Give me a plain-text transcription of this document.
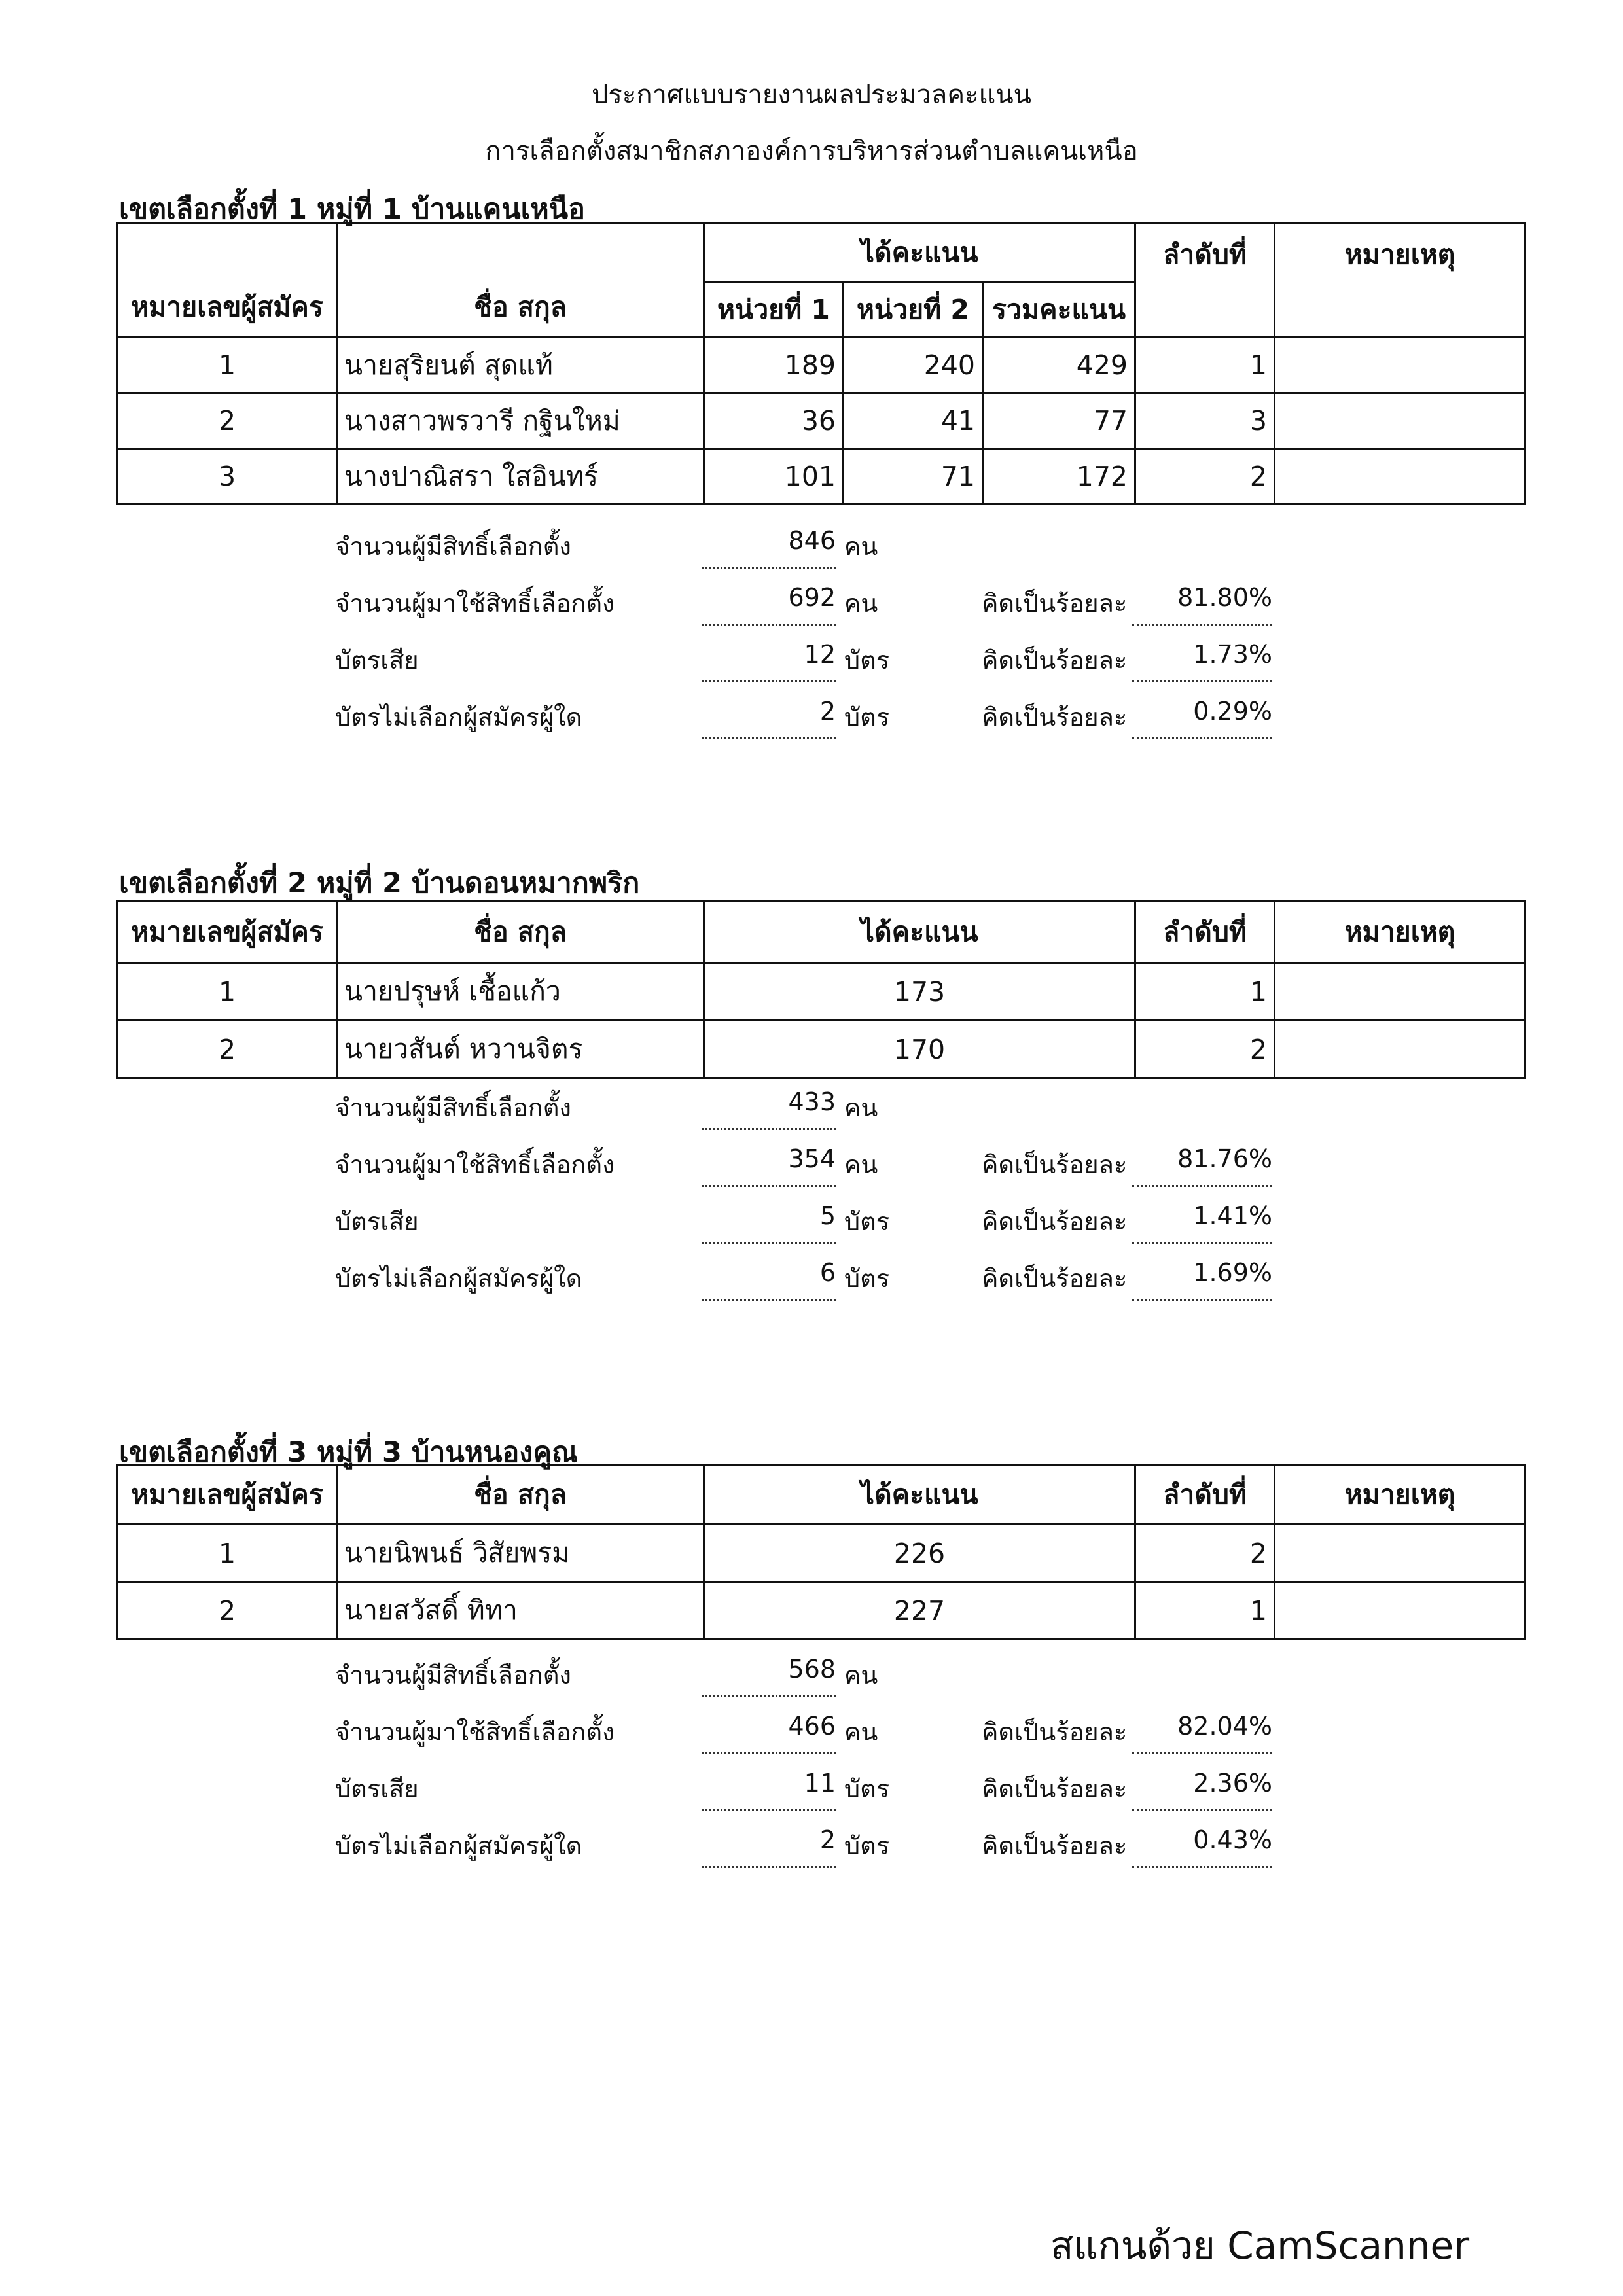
ประกาศแบบรายงานผลประมวลคะแนน
การเลือกตั้งสมาชิกสภาองค์การบริหารส่วนตำบลแคนเหนือ
เขตเลือกตั้งที่ 1 หมู่ที่ 1 บ้านแคนเหนือ
หมายเลขผู้สมัคร	ชื่อ สกุล	ได้คะแนน			ลำดับที่	หมายเหตุ
		หน่วยที่ 1	หน่วยที่ 2	รวมคะแนน		
1	นายสุริยนต์ สุดแท้	189	240	429	1	
2	นางสาวพรวารี กฐินใหม่	36	41	77	3	
3	นางปาณิสรา ใสอินทร์	101	71	172	2	
จำนวนผู้มีสิทธิ์เลือกตั้ง	846 คน
จำนวนผู้มาใช้สิทธิ์เลือกตั้ง	692 คน	คิดเป็นร้อยละ	81.80%
บัตรเสีย	12 บัตร	คิดเป็นร้อยละ	1.73%
บัตรไม่เลือกผู้สมัครผู้ใด	2 บัตร	คิดเป็นร้อยละ	0.29%
เขตเลือกตั้งที่ 2 หมู่ที่ 2 บ้านดอนหมากพริก
หมายเลขผู้สมัคร	ชื่อ สกุล	ได้คะแนน	ลำดับที่	หมายเหตุ
1	นายปรุษห์ เชื้อแก้ว	173	1	
2	นายวสันต์ หวานจิตร	170	2	
จำนวนผู้มีสิทธิ์เลือกตั้ง	433 คน
จำนวนผู้มาใช้สิทธิ์เลือกตั้ง	354 คน	คิดเป็นร้อยละ	81.76%
บัตรเสีย	5 บัตร	คิดเป็นร้อยละ	1.41%
บัตรไม่เลือกผู้สมัครผู้ใด	6 บัตร	คิดเป็นร้อยละ	1.69%
เขตเลือกตั้งที่ 3 หมู่ที่ 3 บ้านหนองคูณ
หมายเลขผู้สมัคร	ชื่อ สกุล	ได้คะแนน	ลำดับที่	หมายเหตุ
1	นายนิพนธ์ วิสัยพรม	226	2	
2	นายสวัสดิ์ ทิทา	227	1	
จำนวนผู้มีสิทธิ์เลือกตั้ง	568 คน
จำนวนผู้มาใช้สิทธิ์เลือกตั้ง	466 คน	คิดเป็นร้อยละ	82.04%
บัตรเสีย	11 บัตร	คิดเป็นร้อยละ	2.36%
บัตรไม่เลือกผู้สมัครผู้ใด	2 บัตร	คิดเป็นร้อยละ	0.43%
สแกนด้วย CamScanner
